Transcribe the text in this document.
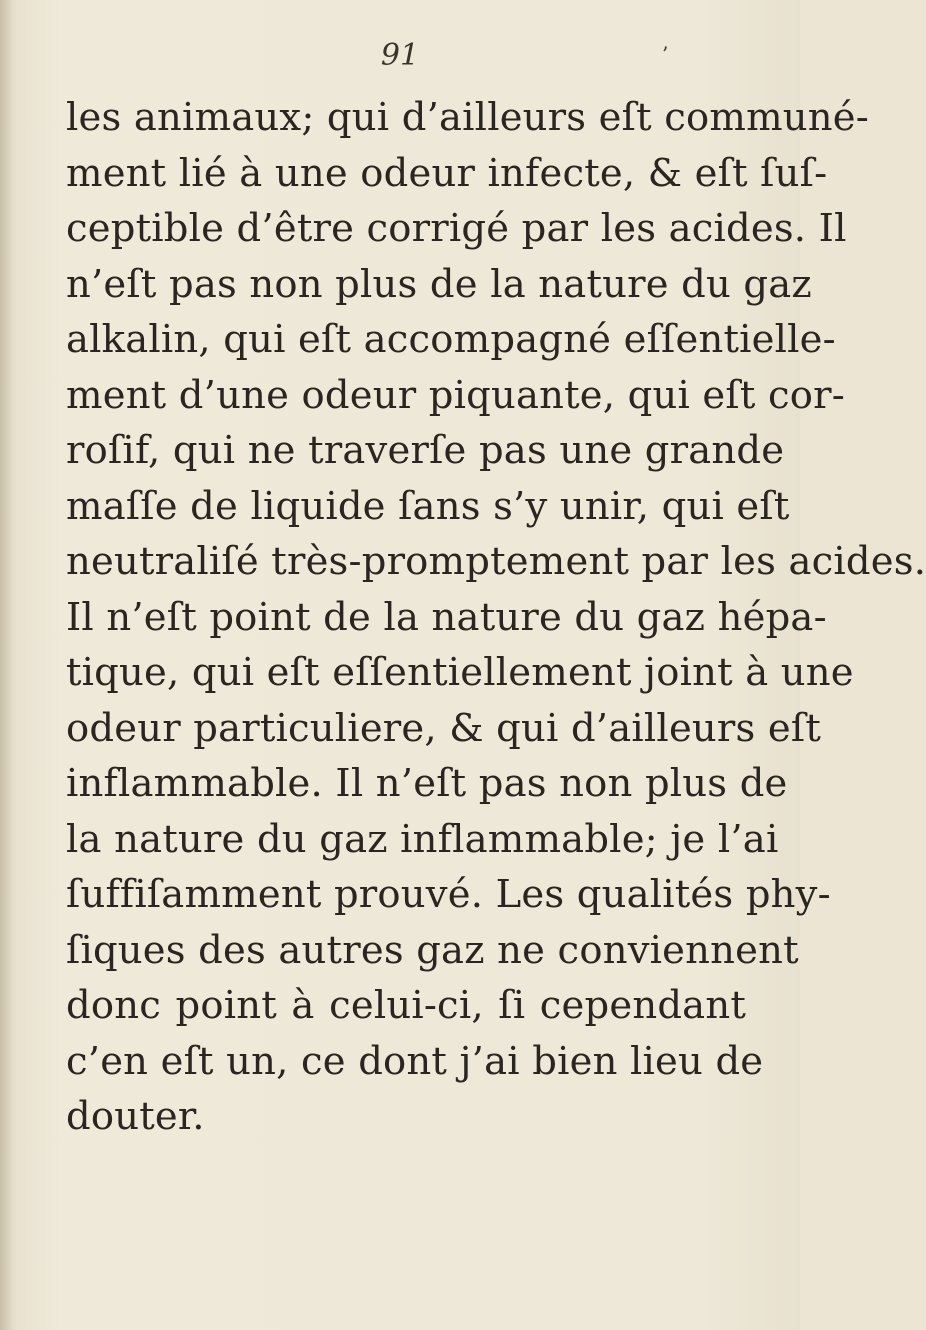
91	’
les animaux; qui d’ailleurs eſt communé-
ment lié à une odeur infecte, & eſt ſuſ-
ceptible d’être corrigé par les acides. Il
n’eſt pas non plus de la nature du gaz
alkalin, qui eſt accompagné eſſentielle-
ment d’une odeur piquante, qui eſt cor-
roſif, qui ne traverſe pas une grande
maſſe de liquide ſans s’y unir, qui eſt
neutraliſé très-promptement par les acides.
Il n’eſt point de la nature du gaz hépa-
tique, qui eſt eſſentiellement joint à une
odeur particuliere, & qui d’ailleurs eſt
inflammable. Il n’eſt pas non plus de
la nature du gaz inflammable; je l’ai
ſuffiſamment prouvé. Les qualités phy-
ſiques des autres gaz ne conviennent
donc point à celui-ci, ſi cependant
c’en eſt un, ce dont j’ai bien lieu de
douter.
